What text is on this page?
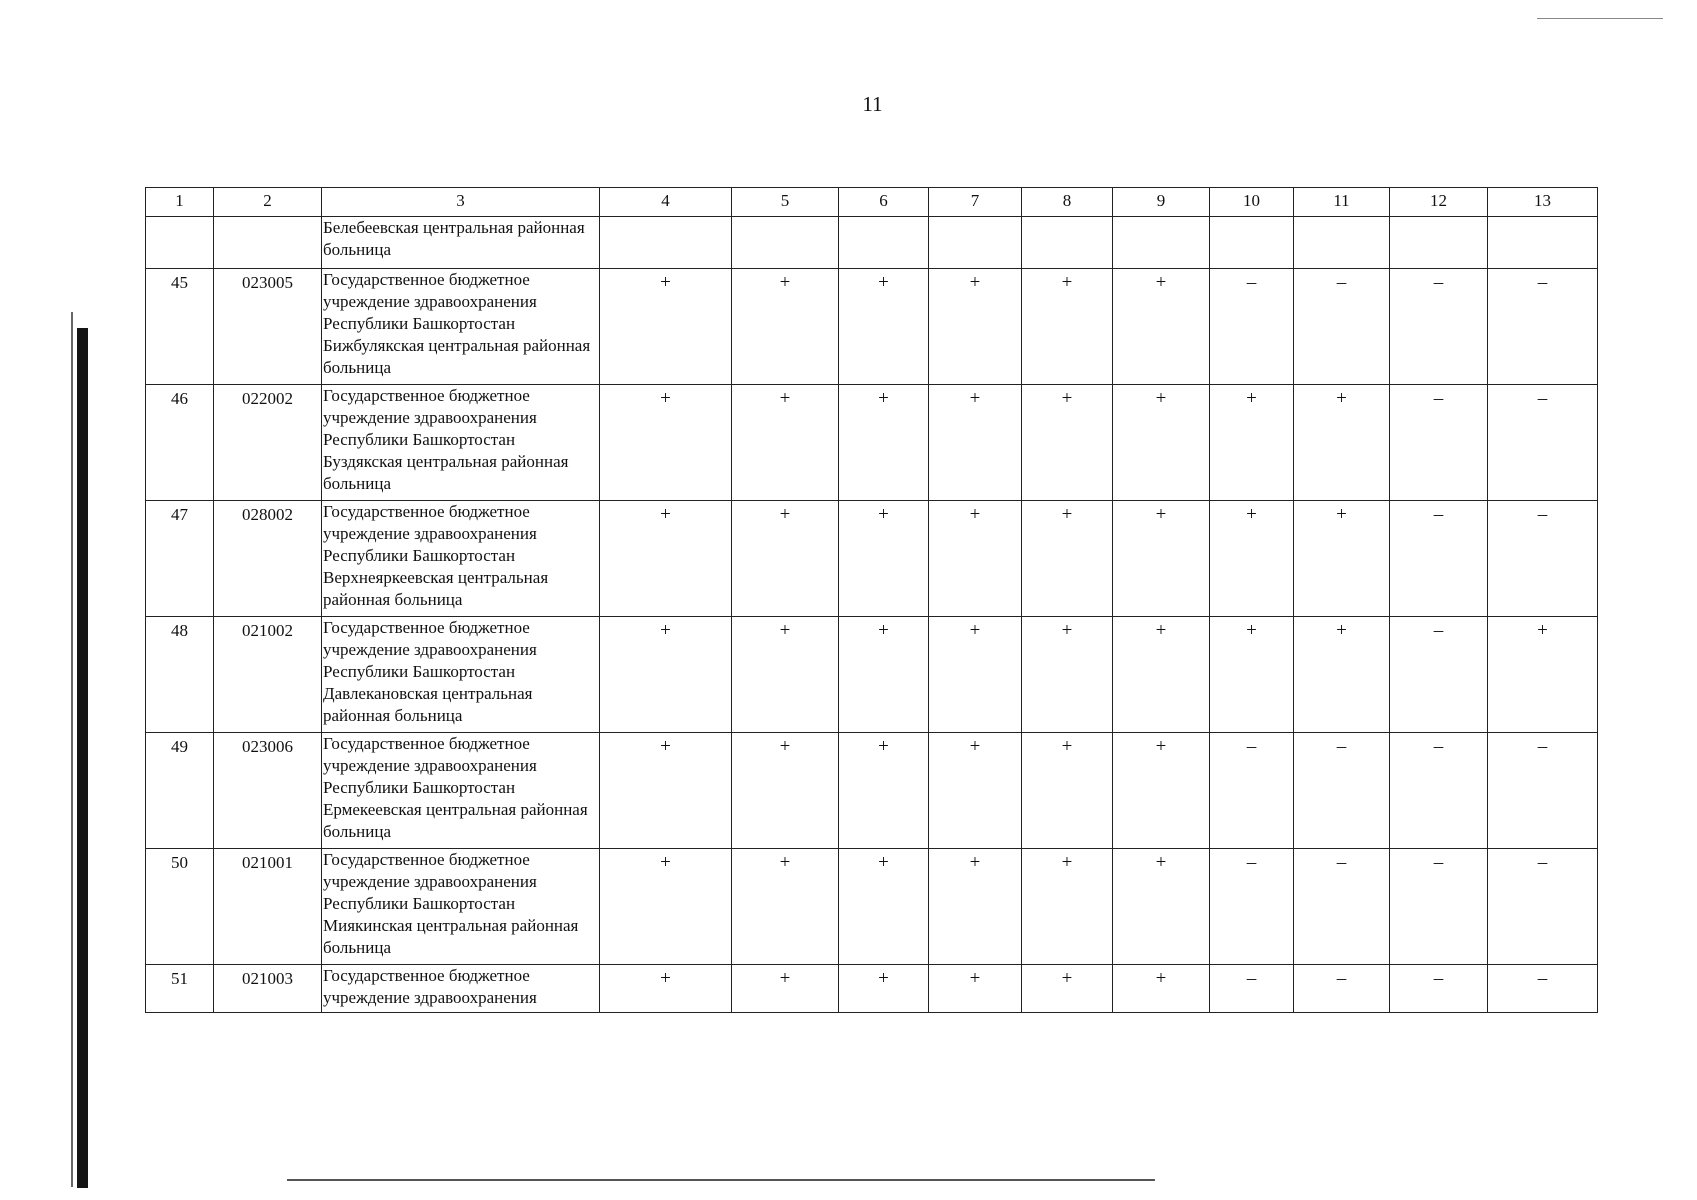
11
1	2	3	4	5	6	7	8	9	10	11	12	13
		Белебеевская центральная районная больница										
45	023005	Государственное бюджетное учреждение здравоохранения Республики Башкортостан Бижбулякская центральная районная больница	+	+	+	+	+	+	–	–	–	–
46	022002	Государственное бюджетное учреждение здравоохранения Республики Башкортостан Буздякская центральная районная больница	+	+	+	+	+	+	+	+	–	–
47	028002	Государственное бюджетное учреждение здравоохранения Республики Башкортостан Верхнеяркеевская центральная районная больница	+	+	+	+	+	+	+	+	–	–
48	021002	Государственное бюджетное учреждение здравоохранения Республики Башкортостан Давлекановская центральная районная больница	+	+	+	+	+	+	+	+	–	+
49	023006	Государственное бюджетное учреждение здравоохранения Республики Башкортостан Ермекеевская центральная районная больница	+	+	+	+	+	+	–	–	–	–
50	021001	Государственное бюджетное учреждение здравоохранения Республики Башкортостан Миякинская центральная районная больница	+	+	+	+	+	+	–	–	–	–
51	021003	Государственное бюджетное учреждение здравоохранения	+	+	+	+	+	+	–	–	–	–
